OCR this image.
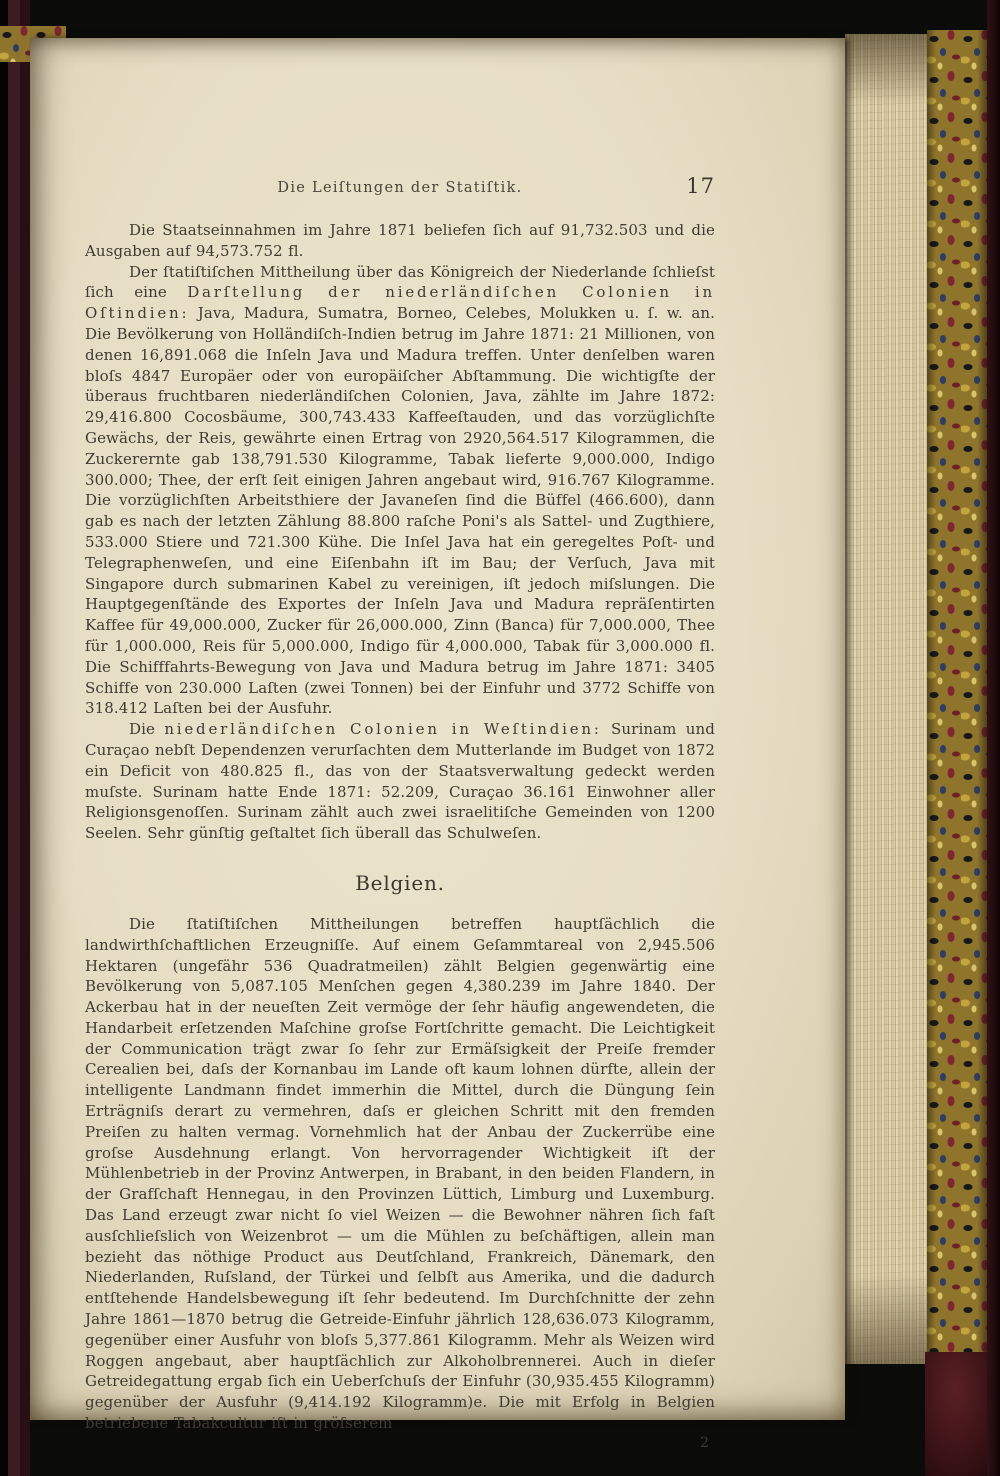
Die Leiſtungen der Statiſtik.	17

Die Staatseinnahmen im Jahre 1871 beliefen ſich auf 91,732.503 und die Ausgaben auf 94,573.752 fl.

Der ſtatiſtiſchen Mittheilung über das Königreich der Niederlande ſchlieſst ſich eine Darſtellung der niederländiſchen Colonien in Oſtindien: Java, Madura, Sumatra, Borneo, Celebes, Molukken u. ſ. w. an. Die Bevölkerung von Holländiſch-Indien betrug im Jahre 1871: 21 Millionen, von denen 16,891.068 die Inſeln Java und Madura treffen. Unter denſelben waren bloſs 4847 Europäer oder von europäiſcher Abſtammung. Die wichtigſte der überaus fruchtbaren niederländiſchen Colonien, Java, zählte im Jahre 1872: 29,416.800 Cocosbäume, 300,743.433 Kaffeeſtauden, und das vorzüglichſte Gewächs, der Reis, gewährte einen Ertrag von 2920,564.517 Kilogrammen, die Zuckerernte gab 138,791.530 Kilogramme, Tabak lieferte 9,000.000, Indigo 300.000; Thee, der erſt ſeit einigen Jahren angebaut wird, 916.767 Kilogramme. Die vorzüglichſten Arbeitsthiere der Javaneſen ſind die Büffel (466.600), dann gab es nach der letzten Zählung 88.800 raſche Poni's als Sattel- und Zugthiere, 533.000 Stiere und 721.300 Kühe. Die Inſel Java hat ein geregeltes Poſt- und Telegraphenweſen, und eine Eiſenbahn iſt im Bau; der Verſuch, Java mit Singapore durch submarinen Kabel zu vereinigen, iſt jedoch miſslungen. Die Hauptgegenſtände des Exportes der Inſeln Java und Madura repräſentirten Kaffee für 49,000.000, Zucker für 26,000.000, Zinn (Banca) für 7,000.000, Thee für 1,000.000, Reis für 5,000.000, Indigo für 4,000.000, Tabak für 3,000.000 fl. Die Schifffahrts-Bewegung von Java und Madura betrug im Jahre 1871: 3405 Schiffe von 230.000 Laſten (zwei Tonnen) bei der Einfuhr und 3772 Schiffe von 318.412 Laſten bei der Ausfuhr.

Die niederländiſchen Colonien in Weſtindien: Surinam und Curaçao nebſt Dependenzen verurſachten dem Mutterlande im Budget von 1872 ein Deficit von 480.825 fl., das von der Staatsverwaltung gedeckt werden muſste. Surinam hatte Ende 1871: 52.209, Curaçao 36.161 Einwohner aller Religionsgenoſſen. Surinam zählt auch zwei israelitiſche Gemeinden von 1200 Seelen. Sehr günſtig geſtaltet ſich überall das Schulweſen.

Belgien.

Die ſtatiſtiſchen Mittheilungen betreffen hauptſächlich die landwirthſchaftlichen Erzeugniſſe. Auf einem Geſammtareal von 2,945.506 Hektaren (ungefähr 536 Quadratmeilen) zählt Belgien gegenwärtig eine Bevölkerung von 5,087.105 Menſchen gegen 4,380.239 im Jahre 1840. Der Ackerbau hat in der neueſten Zeit vermöge der ſehr häufig angewendeten, die Handarbeit erſetzenden Maſchine groſse Fortſchritte gemacht. Die Leichtigkeit der Communication trägt zwar ſo ſehr zur Ermäſsigkeit der Preiſe fremder Cerealien bei, daſs der Kornanbau im Lande oft kaum lohnen dürfte, allein der intelligente Landmann findet immerhin die Mittel, durch die Düngung ſein Erträgniſs derart zu vermehren, daſs er gleichen Schritt mit den fremden Preiſen zu halten vermag. Vornehmlich hat der Anbau der Zuckerrübe eine groſse Ausdehnung erlangt. Von hervorragender Wichtigkeit iſt der Mühlenbetrieb in der Provinz Antwerpen, in Brabant, in den beiden Flandern, in der Grafſchaft Hennegau, in den Provinzen Lüttich, Limburg und Luxemburg. Das Land erzeugt zwar nicht ſo viel Weizen — die Bewohner nähren ſich faſt ausſchlieſslich von Weizenbrot — um die Mühlen zu beſchäftigen, allein man bezieht das nöthige Product aus Deutſchland, Frankreich, Dänemark, den Niederlanden, Ruſsland, der Türkei und ſelbſt aus Amerika, und die dadurch entſtehende Handelsbewegung iſt ſehr bedeutend. Im Durchſchnitte der zehn Jahre 1861—1870 betrug die Getreide-Einfuhr jährlich 128,636.073 Kilogramm, gegenüber einer Ausfuhr von bloſs 5,377.861 Kilogramm. Mehr als Weizen wird Roggen angebaut, aber hauptſächlich zur Alkoholbrennerei. Auch in dieſer Getreidegattung ergab ſich ein Ueberſchuſs der Einfuhr (30,935.455 Kilogramm) gegenüber der Ausfuhr (9,414.192 Kilogramm)e. Die mit Erfolg in Belgien betriebene Tabakcultur iſt in gröſserem

2
